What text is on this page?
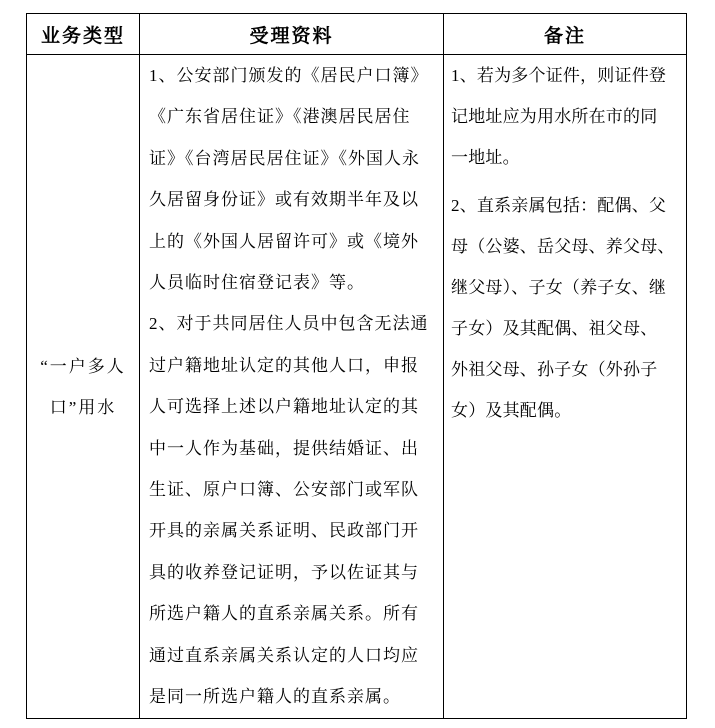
业务类型	受理资料	备注
“一户多人
口”用水
1、公安部门颁发的《居民户口簿》
《广东省居住证》《港澳居民居住
证》《台湾居民居住证》《外国人永
久居留身份证》或有效期半年及以
上的《外国人居留许可》或《境外
人员临时住宿登记表》等。
2、对于共同居住人员中包含无法通
过户籍地址认定的其他人口，申报
人可选择上述以户籍地址认定的其
中一人作为基础，提供结婚证、出
生证、原户口簿、公安部门或军队
开具的亲属关系证明、民政部门开
具的收养登记证明，予以佐证其与
所选户籍人的直系亲属关系。所有
通过直系亲属关系认定的人口均应
是同一所选户籍人的直系亲属。
1、若为多个证件，则证件登
记地址应为用水所在市的同
一地址。
2、直系亲属包括：配偶、父
母（公婆、岳父母、养父母、
继父母）、子女（养子女、继
子女）及其配偶、祖父母、
外祖父母、孙子女（外孙子
女）及其配偶。
